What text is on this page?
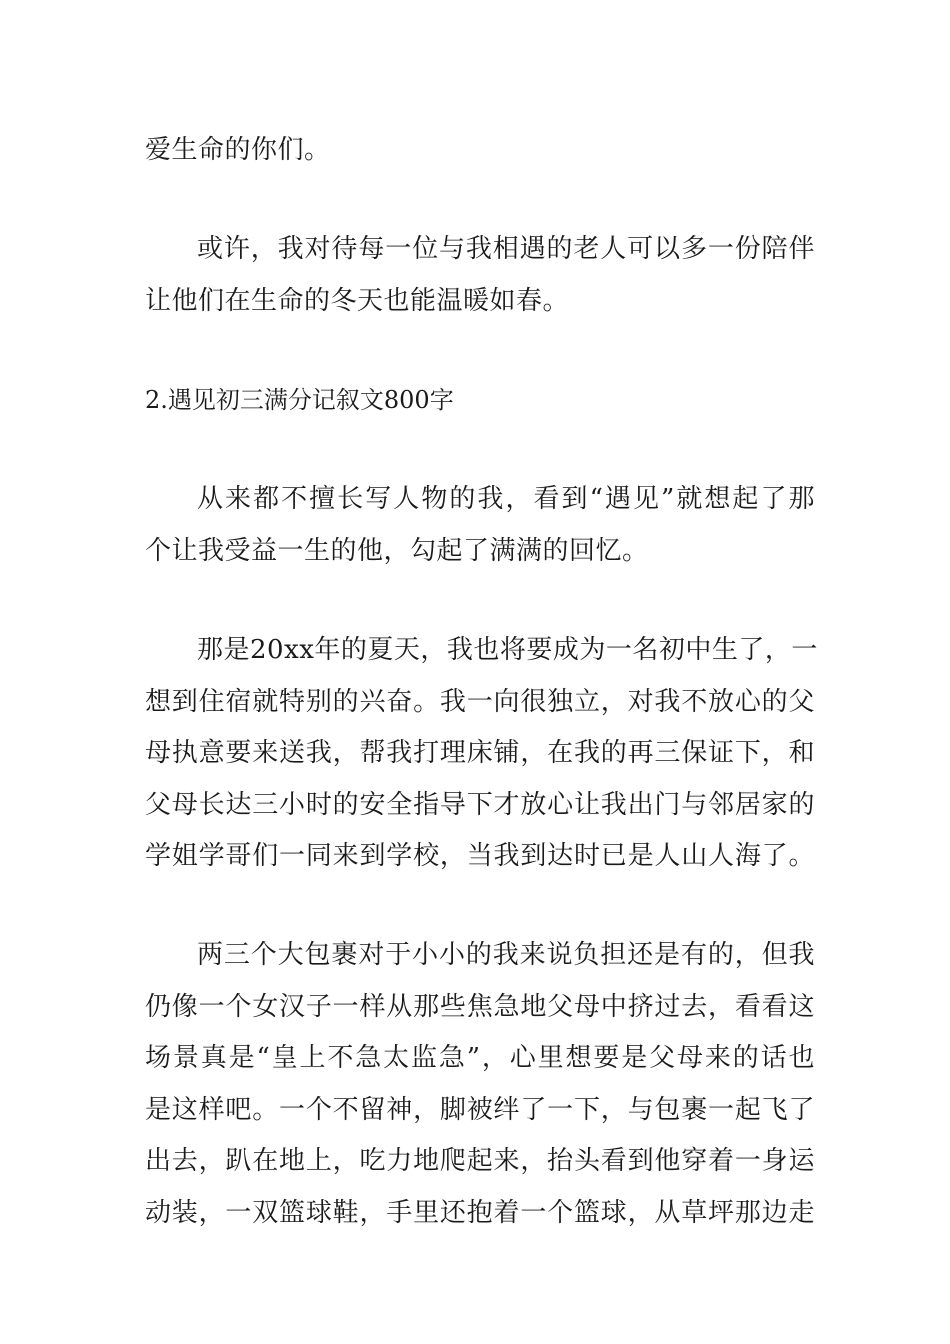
爱生命的你们。
或许，我对待每一位与我相遇的老人可以多一份陪伴
让他们在生命的冬天也能温暖如春。
2.遇见初三满分记叙文800字
从来都不擅长写人物的我，看到“遇见”就想起了那
个让我受益一生的他，勾起了满满的回忆。
那是20xx年的夏天，我也将要成为一名初中生了，一
想到住宿就特别的兴奋。我一向很独立，对我不放心的父
母执意要来送我，帮我打理床铺，在我的再三保证下，和
父母长达三小时的安全指导下才放心让我出门与邻居家的
学姐学哥们一同来到学校，当我到达时已是人山人海了。
两三个大包裹对于小小的我来说负担还是有的，但我
仍像一个女汉子一样从那些焦急地父母中挤过去，看看这
场景真是“皇上不急太监急”，心里想要是父母来的话也
是这样吧。一个不留神，脚被绊了一下，与包裹一起飞了
出去，趴在地上，吃力地爬起来，抬头看到他穿着一身运
动装，一双篮球鞋，手里还抱着一个篮球，从草坪那边走
